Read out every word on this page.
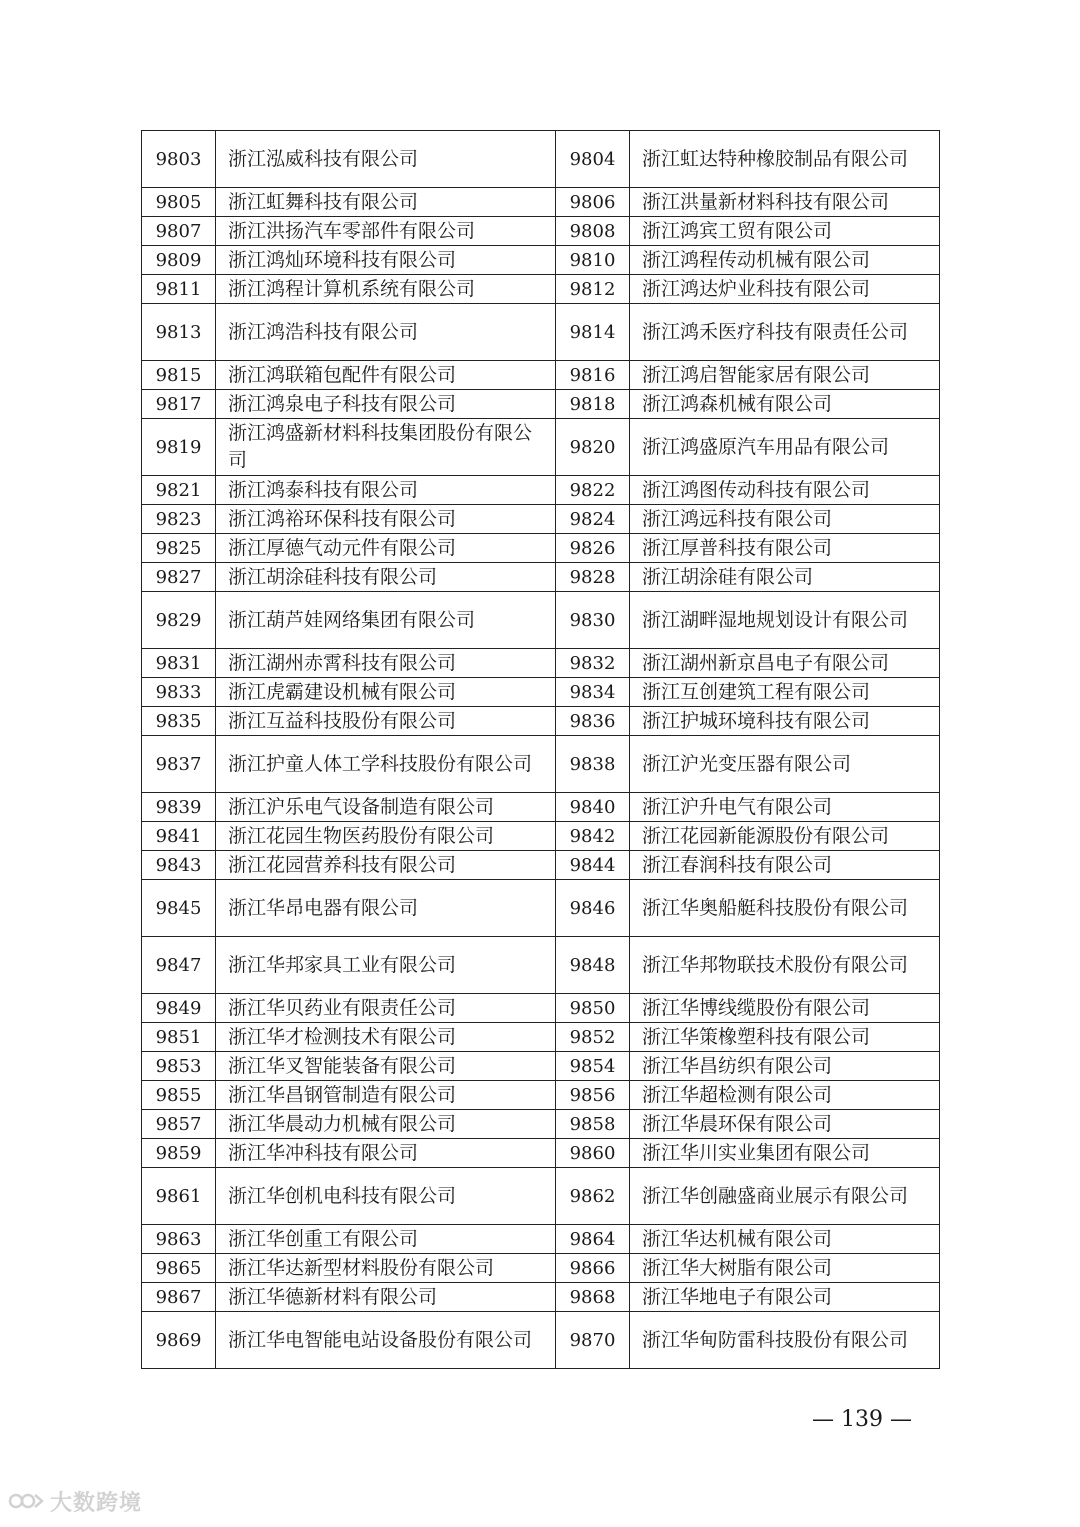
9803	浙江泓威科技有限公司	9804	浙江虹达特种橡胶制品有限公司
9805	浙江虹舞科技有限公司	9806	浙江洪量新材料科技有限公司
9807	浙江洪扬汽车零部件有限公司	9808	浙江鸿宾工贸有限公司
9809	浙江鸿灿环境科技有限公司	9810	浙江鸿程传动机械有限公司
9811	浙江鸿程计算机系统有限公司	9812	浙江鸿达炉业科技有限公司
9813	浙江鸿浩科技有限公司	9814	浙江鸿禾医疗科技有限责任公司
9815	浙江鸿联箱包配件有限公司	9816	浙江鸿启智能家居有限公司
9817	浙江鸿泉电子科技有限公司	9818	浙江鸿森机械有限公司
9819	浙江鸿盛新材料科技集团股份有限公司	9820	浙江鸿盛原汽车用品有限公司
9821	浙江鸿泰科技有限公司	9822	浙江鸿图传动科技有限公司
9823	浙江鸿裕环保科技有限公司	9824	浙江鸿远科技有限公司
9825	浙江厚德气动元件有限公司	9826	浙江厚普科技有限公司
9827	浙江胡涂硅科技有限公司	9828	浙江胡涂硅有限公司
9829	浙江葫芦娃网络集团有限公司	9830	浙江湖畔湿地规划设计有限公司
9831	浙江湖州赤霄科技有限公司	9832	浙江湖州新京昌电子有限公司
9833	浙江虎霸建设机械有限公司	9834	浙江互创建筑工程有限公司
9835	浙江互益科技股份有限公司	9836	浙江护城环境科技有限公司
9837	浙江护童人体工学科技股份有限公司	9838	浙江沪光变压器有限公司
9839	浙江沪乐电气设备制造有限公司	9840	浙江沪升电气有限公司
9841	浙江花园生物医药股份有限公司	9842	浙江花园新能源股份有限公司
9843	浙江花园营养科技有限公司	9844	浙江春润科技有限公司
9845	浙江华昂电器有限公司	9846	浙江华奥船艇科技股份有限公司
9847	浙江华邦家具工业有限公司	9848	浙江华邦物联技术股份有限公司
9849	浙江华贝药业有限责任公司	9850	浙江华博线缆股份有限公司
9851	浙江华才检测技术有限公司	9852	浙江华策橡塑科技有限公司
9853	浙江华叉智能装备有限公司	9854	浙江华昌纺织有限公司
9855	浙江华昌钢管制造有限公司	9856	浙江华超检测有限公司
9857	浙江华晨动力机械有限公司	9858	浙江华晨环保有限公司
9859	浙江华冲科技有限公司	9860	浙江华川实业集团有限公司
9861	浙江华创机电科技有限公司	9862	浙江华创融盛商业展示有限公司
9863	浙江华创重工有限公司	9864	浙江华达机械有限公司
9865	浙江华达新型材料股份有限公司	9866	浙江华大树脂有限公司
9867	浙江华德新材料有限公司	9868	浙江华地电子有限公司
9869	浙江华电智能电站设备股份有限公司	9870	浙江华甸防雷科技股份有限公司
— 139 —
大数跨境
